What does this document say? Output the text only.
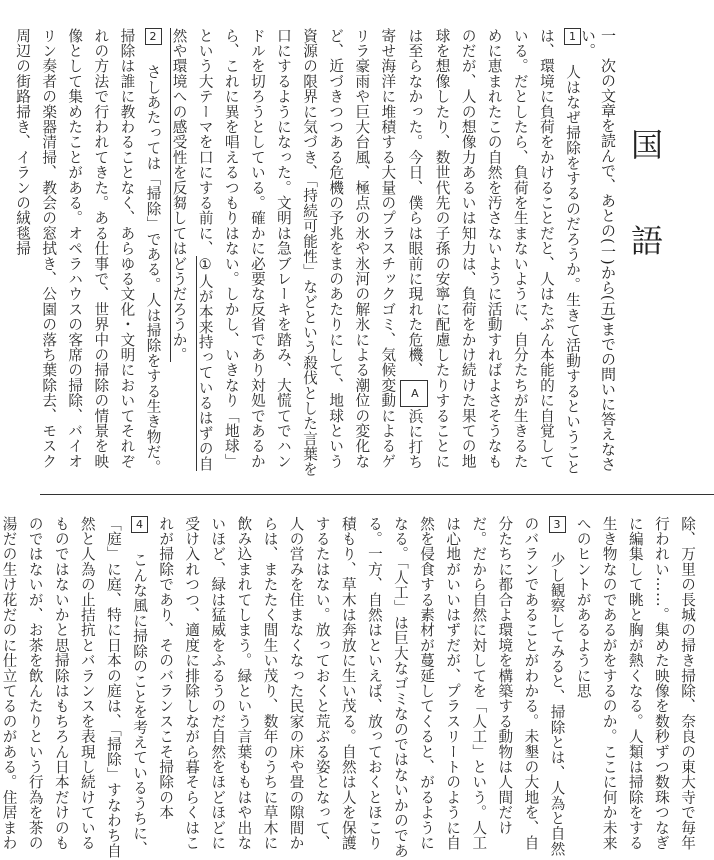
国語
一　次の文章を読んで、あとの(一)から(五)までの問いに答えなさい。

1　人はなぜ掃除をするのだろうか。生きて活動するということは、環境に負荷をかけることだと、人はたぶん本能的に自覚している。だとしたら、負荷を生まないように、自分たちが生きるために恵まれたこの自然を汚さないように活動すればよさそうなものだが、人の想像力あるいは知力は、負荷をかけ続けた果ての地球を想像したり、数世代先の子孫の安寧に配慮したりすることには至らなかった。今日、僕らは眼前に現れた危機、A浜に打ち寄せ海洋に堆積する大量のプラスチックゴミ、気候変動によるゲリラ豪雨や巨大台風、極点の氷や氷河の解氷による潮位の変化など、近づきつつある危機の予兆をまのあたりにして、地球という資源の限界に気づき、「持続可能性」などという殺伐とした言葉を口にするようになった。文明は急ブレーキを踏み、大慌てでハンドルを切ろうとしている。確かに必要な反省であり対処であるから、これに異を唱えるつもりはない。しかし、いきなり「地球」という大テーマを口にする前に、①人が本来持っているはずの自然や環境への感受性を反芻してはどうだろうか。

2　さしあたっては「掃除」である。人は掃除をする生き物だ。掃除は誰に教わることなく、あらゆる文化・文明においてそれぞれの方法で行われてきた。ある仕事で、世界中の掃除の情景を映像として集めたことがある。オペラハウスの客席の掃除、バイオリン奏者の楽器清掃、教会の窓拭き、公園の落ち葉除去、モスク周辺の街路掃き、イランの絨毯掃

除、万里の長城の掃き掃除、奈良の東大寺で毎年行われい……。集めた映像を数秒ずつ数珠つなぎに編集して眺と胸が熱くなる。人類は掃除をする生き物なのであるがをするのか。ここに何か未来へのヒントがあるように思

3　少し観察してみると、掃除とは、人為と自然のバランであることがわかる。未墾の大地を、自分たちに都合よ環境を構築する動物は人間だけだ。だから自然に対してを「人工」という。人工は心地がいいはずだが、プラスリートのように自然を侵食する素材が蔓延してくると、がるようになる。「人工」は巨大なゴミなのではないかのである。一方、自然はといえば、放っておくとほこり積もり、草木は奔放に生い茂る。自然は人を保護するたはない。放っておくと荒ぶる姿となって、人の営みを住まなくなった民家の床や畳の隙間からは、またたく間生い茂り、数年のうちに草木に飲み込まれてしまう。緑という言葉ももはや出ないほど、緑は猛威をふるうのだ自然をほどほどに受け入れつつ、適度に排除しながら暮そらくはこれが掃除であり、そのバランスこそ掃除の本

4　こんな風に掃除のことを考えているうちに、「庭」に庭、特に日本の庭は、「掃除」すなわち自然と人為の止拮抗とバランスを表現し続けているものではないかと思掃除はもちろん日本だけのものではないが、お茶を飲んたりという行為を茶の湯だの生け花だのに仕立てるのがある。住居まわ
